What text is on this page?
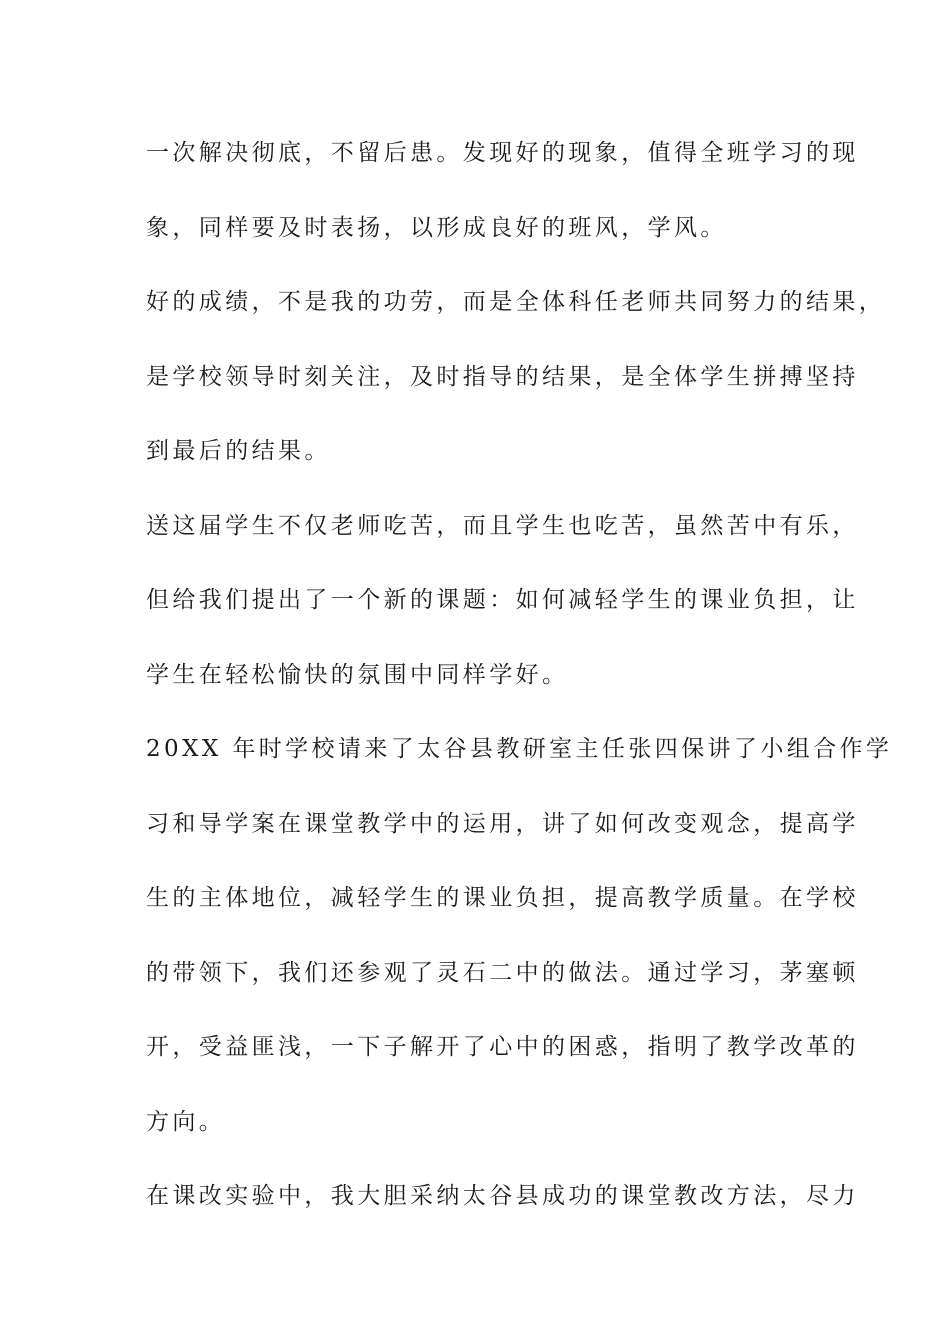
一次解决彻底，不留后患。发现好的现象，值得全班学习的现
象，同样要及时表扬，以形成良好的班风，学风。
好的成绩，不是我的功劳，而是全体科任老师共同努力的结果，
是学校领导时刻关注，及时指导的结果，是全体学生拼搏坚持
到最后的结果。
送这届学生不仅老师吃苦，而且学生也吃苦，虽然苦中有乐，
但给我们提出了一个新的课题：如何减轻学生的课业负担，让
学生在轻松愉快的氛围中同样学好。
20XX 年时学校请来了太谷县教研室主任张四保讲了小组合作学
习和导学案在课堂教学中的运用，讲了如何改变观念，提高学
生的主体地位，减轻学生的课业负担，提高教学质量。在学校
的带领下，我们还参观了灵石二中的做法。通过学习，茅塞顿
开，受益匪浅，一下子解开了心中的困惑，指明了教学改革的
方向。
在课改实验中，我大胆采纳太谷县成功的课堂教改方法，尽力
